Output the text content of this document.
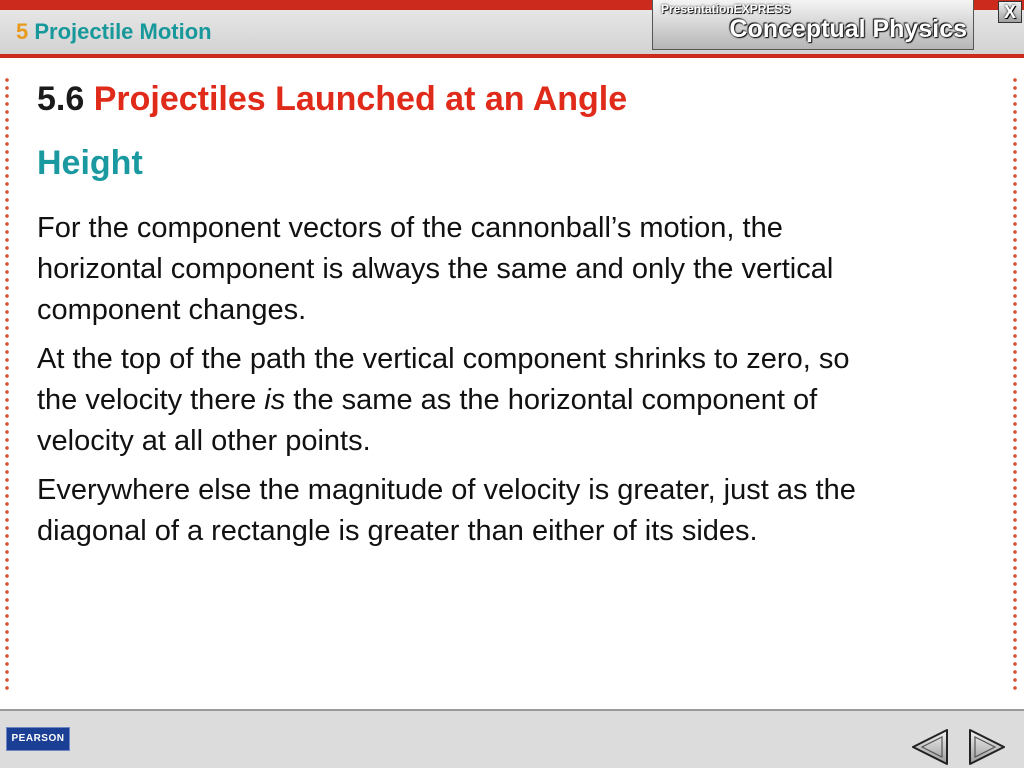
5 Projectile Motion
PresentationEXPRESS
Conceptual Physics
X
5.6 Projectiles Launched at an Angle
Height

For the component vectors of the cannonball’s motion, the horizontal component is always the same and only the vertical component changes.

At the top of the path the vertical component shrinks to zero, so the velocity there is the same as the horizontal component of velocity at all other points.

Everywhere else the magnitude of velocity is greater, just as the diagonal of a rectangle is greater than either of its sides.

PEARSON
